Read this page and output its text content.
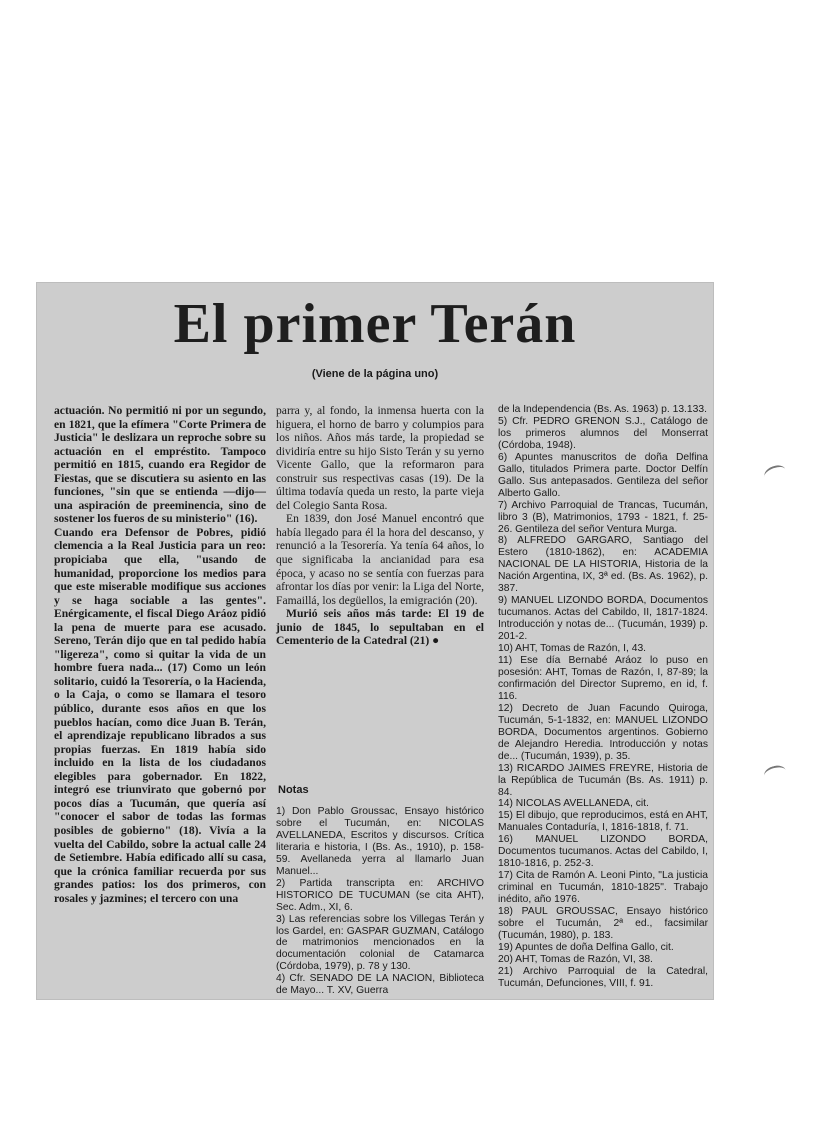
El primer Terán
(Viene de la página uno)

actuación. No permitió ni por un segundo, en 1821, que la efímera "Corte Primera de Justicia" le deslizara un reproche sobre su actuación en el empréstito. Tampoco permitió en 1815, cuando era Regidor de Fiestas, que se discutiera su asiento en las funciones, "sin que se entienda —dijo— una aspiración de preeminencia, sino de sostener los fueros de su ministerio" (16).

Cuando era Defensor de Pobres, pidió clemencia a la Real Justicia para un reo: propiciaba que ella, "usando de humanidad, proporcione los medios para que este miserable modifique sus acciones y se haga sociable a las gentes". Enérgicamente, el fiscal Diego Aráoz pidió la pena de muerte para ese acusado. Sereno, Terán dijo que en tal pedido había "ligereza", como si quitar la vida de un hombre fuera nada... (17) Como un león solitario, cuidó la Tesorería, o la Hacienda, o la Caja, o como se llamara el tesoro público, durante esos años en que los pueblos hacían, como dice Juan B. Terán, el aprendizaje republicano librados a sus propias fuerzas. En 1819 había sido incluido en la lista de los ciudadanos elegibles para gobernador. En 1822, integró ese triunvirato que gobernó por pocos días a Tucumán, que quería así "conocer el sabor de todas las formas posibles de gobierno" (18). Vivía a la vuelta del Cabildo, sobre la actual calle 24 de Setiembre. Había edificado allí su casa, que la crónica familiar recuerda por sus grandes patios: los dos primeros, con rosales y jazmines; el tercero con una

parra y, al fondo, la inmensa huerta con la higuera, el horno de barro y columpios para los niños. Años más tarde, la propiedad se dividiría entre su hijo Sisto Terán y su yerno Vicente Gallo, que la reformaron para construir sus respectivas casas (19). De la última todavía queda un resto, la parte vieja del Colegio Santa Rosa.

En 1839, don José Manuel encontró que había llegado para él la hora del descanso, y renunció a la Tesorería. Ya tenía 64 años, lo que significaba la ancianidad para esa época, y acaso no se sentía con fuerzas para afrontar los días por venir: la Liga del Norte, Famaillá, los degüellos, la emigración (20).

Murió seis años más tarde: El 19 de junio de 1845, lo sepultaban en el Cementerio de la Catedral (21) ●

Notas

1) Don Pablo Groussac, Ensayo histórico sobre el Tucumán, en: NICOLAS AVELLANEDA, Escritos y discursos. Crítica literaria e historia, I (Bs. As., 1910), p. 158-59. Avellaneda yerra al llamarlo Juan Manuel...

2) Partida transcripta en: ARCHIVO HISTORICO DE TUCUMAN (se cita AHT), Sec. Adm., XI, 6.

3) Las referencias sobre los Villegas Terán y los Gardel, en: GASPAR GUZMAN, Catálogo de matrimonios mencionados en la documentación colonial de Catamarca (Córdoba, 1979), p. 78 y 130.

4) Cfr. SENADO DE LA NACION, Biblioteca de Mayo... T. XV, Guerra

de la Independencia (Bs. As. 1963) p. 13.133.

5) Cfr. PEDRO GRENON S.J., Catálogo de los primeros alumnos del Monserrat (Córdoba, 1948).

6) Apuntes manuscritos de doña Delfina Gallo, titulados Primera parte. Doctor Delfín Gallo. Sus antepasados. Gentileza del señor Alberto Gallo.

7) Archivo Parroquial de Trancas, Tucumán, libro 3 (B), Matrimonios, 1793 - 1821, f. 25-26. Gentileza del señor Ventura Murga.

8) ALFREDO GARGARO, Santiago del Estero (1810-1862), en: ACADEMIA NACIONAL DE LA HISTORIA, Historia de la Nación Argentina, IX, 3ª ed. (Bs. As. 1962), p. 387.

9) MANUEL LIZONDO BORDA, Documentos tucumanos. Actas del Cabildo, II, 1817-1824. Introducción y notas de... (Tucumán, 1939) p. 201-2.

10) AHT, Tomas de Razón, I, 43.

11) Ese día Bernabé Aráoz lo puso en posesión: AHT, Tomas de Razón, I, 87-89; la confirmación del Director Supremo, en id, f. 116.

12) Decreto de Juan Facundo Quiroga, Tucumán, 5-1-1832, en: MANUEL LIZONDO BORDA, Documentos argentinos. Gobierno de Alejandro Heredia. Introducción y notas de... (Tucumán, 1939), p. 35.

13) RICARDO JAIMES FREYRE, Historia de la República de Tucumán (Bs. As. 1911) p. 84.

14) NICOLAS AVELLANEDA, cit.

15) El dibujo, que reproducimos, está en AHT, Manuales Contaduría, I, 1816-1818, f. 71.

16) MANUEL LIZONDO BORDA, Documentos tucumanos. Actas del Cabildo, I, 1810-1816, p. 252-3.

17) Cita de Ramón A. Leoni Pinto, "La justicia criminal en Tucumán, 1810-1825". Trabajo inédito, año 1976.

18) PAUL GROUSSAC, Ensayo histórico sobre el Tucumán, 2ª ed., facsimilar (Tucumán, 1980), p. 183.

19) Apuntes de doña Delfina Gallo, cit.

20) AHT, Tomas de Razón, VI, 38.

21) Archivo Parroquial de la Catedral, Tucumán, Defunciones, VIII, f. 91.
